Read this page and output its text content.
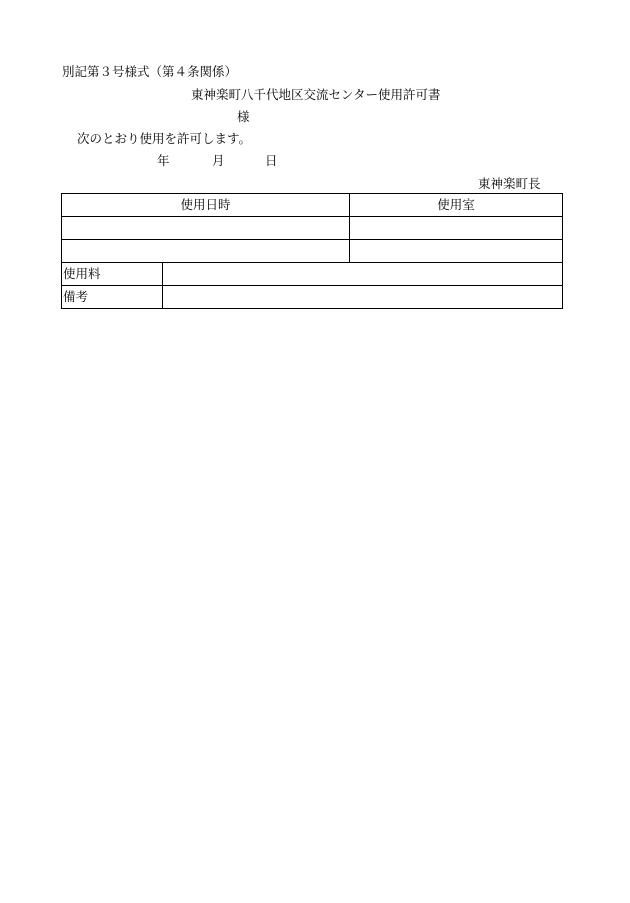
別記第３号様式（第４条関係）
東神楽町八千代地区交流センター使用許可書
様
次のとおり使用を許可します。
年	月	日
東神楽町長
使用日時		使用室

使用料		
備考		
